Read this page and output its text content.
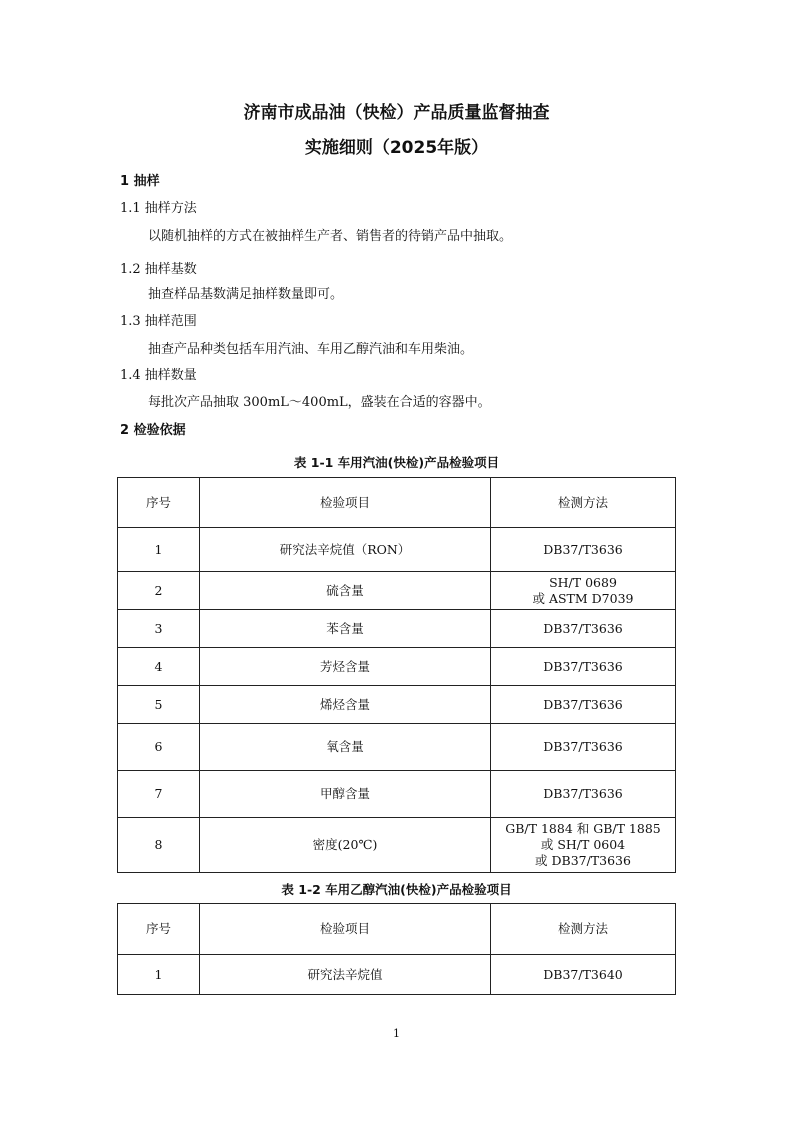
济南市成品油（快检）产品质量监督抽查
实施细则（2025年版）
1 抽样
1.1 抽样方法
以随机抽样的方式在被抽样生产者、销售者的待销产品中抽取。
1.2 抽样基数
抽查样品基数满足抽样数量即可。
1.3 抽样范围
抽查产品种类包括车用汽油、车用乙醇汽油和车用柴油。
1.4 抽样数量
每批次产品抽取 300mL～400mL，盛装在合适的容器中。
2 检验依据
表 1-1 车用汽油(快检)产品检验项目
序号	检验项目	检测方法
1	研究法辛烷值（RON）	DB37/T3636
2	硫含量	SH/T 0689
或 ASTM D7039
3	苯含量	DB37/T3636
4	芳烃含量	DB37/T3636
5	烯烃含量	DB37/T3636
6	氧含量	DB37/T3636
7	甲醇含量	DB37/T3636
8	密度(20℃)	GB/T 1884 和 GB/T 1885
或 SH/T 0604
或 DB37/T3636
表 1-2 车用乙醇汽油(快检)产品检验项目
序号	检验项目	检测方法
1	研究法辛烷值	DB37/T3640
1
